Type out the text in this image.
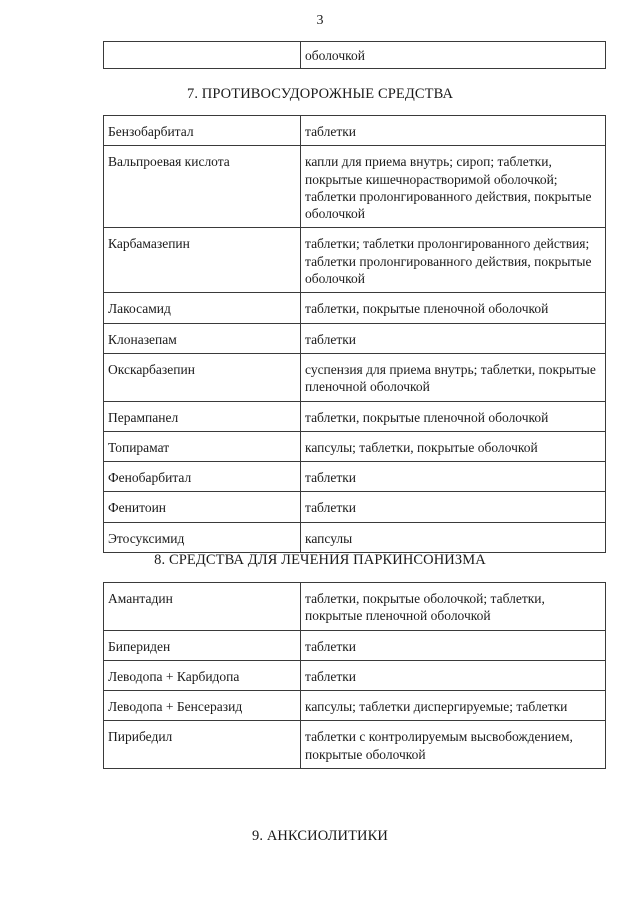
3
	оболочкой
7. ПРОТИВОСУДОРОЖНЫЕ СРЕДСТВА
Бензобарбитал	таблетки
Вальпроевая кислота	капли для приема внутрь; сироп; таблетки, покрытые кишечнорастворимой оболочкой; таблетки пролонгированного действия, покрытые оболочкой
Карбамазепин	таблетки; таблетки пролонгированного действия; таблетки пролонгированного действия, покрытые оболочкой
Лакосамид	таблетки, покрытые пленочной оболочкой
Клоназепам	таблетки
Окскарбазепин	суспензия для приема внутрь; таблетки, покрытые пленочной оболочкой
Перампанел	таблетки, покрытые пленочной оболочкой
Топирамат	капсулы; таблетки, покрытые оболочкой
Фенобарбитал	таблетки
Фенитоин	таблетки
Этосуксимид	капсулы
8. СРЕДСТВА ДЛЯ ЛЕЧЕНИЯ ПАРКИНСОНИЗМА
Амантадин	таблетки, покрытые оболочкой; таблетки, покрытые пленочной оболочкой
Бипериден	таблетки
Леводопа + Карбидопа	таблетки
Леводопа + Бенсеразид	капсулы; таблетки диспергируемые; таблетки
Пирибедил	таблетки с контролируемым высвобождением, покрытые оболочкой
9. АНКСИОЛИТИКИ
